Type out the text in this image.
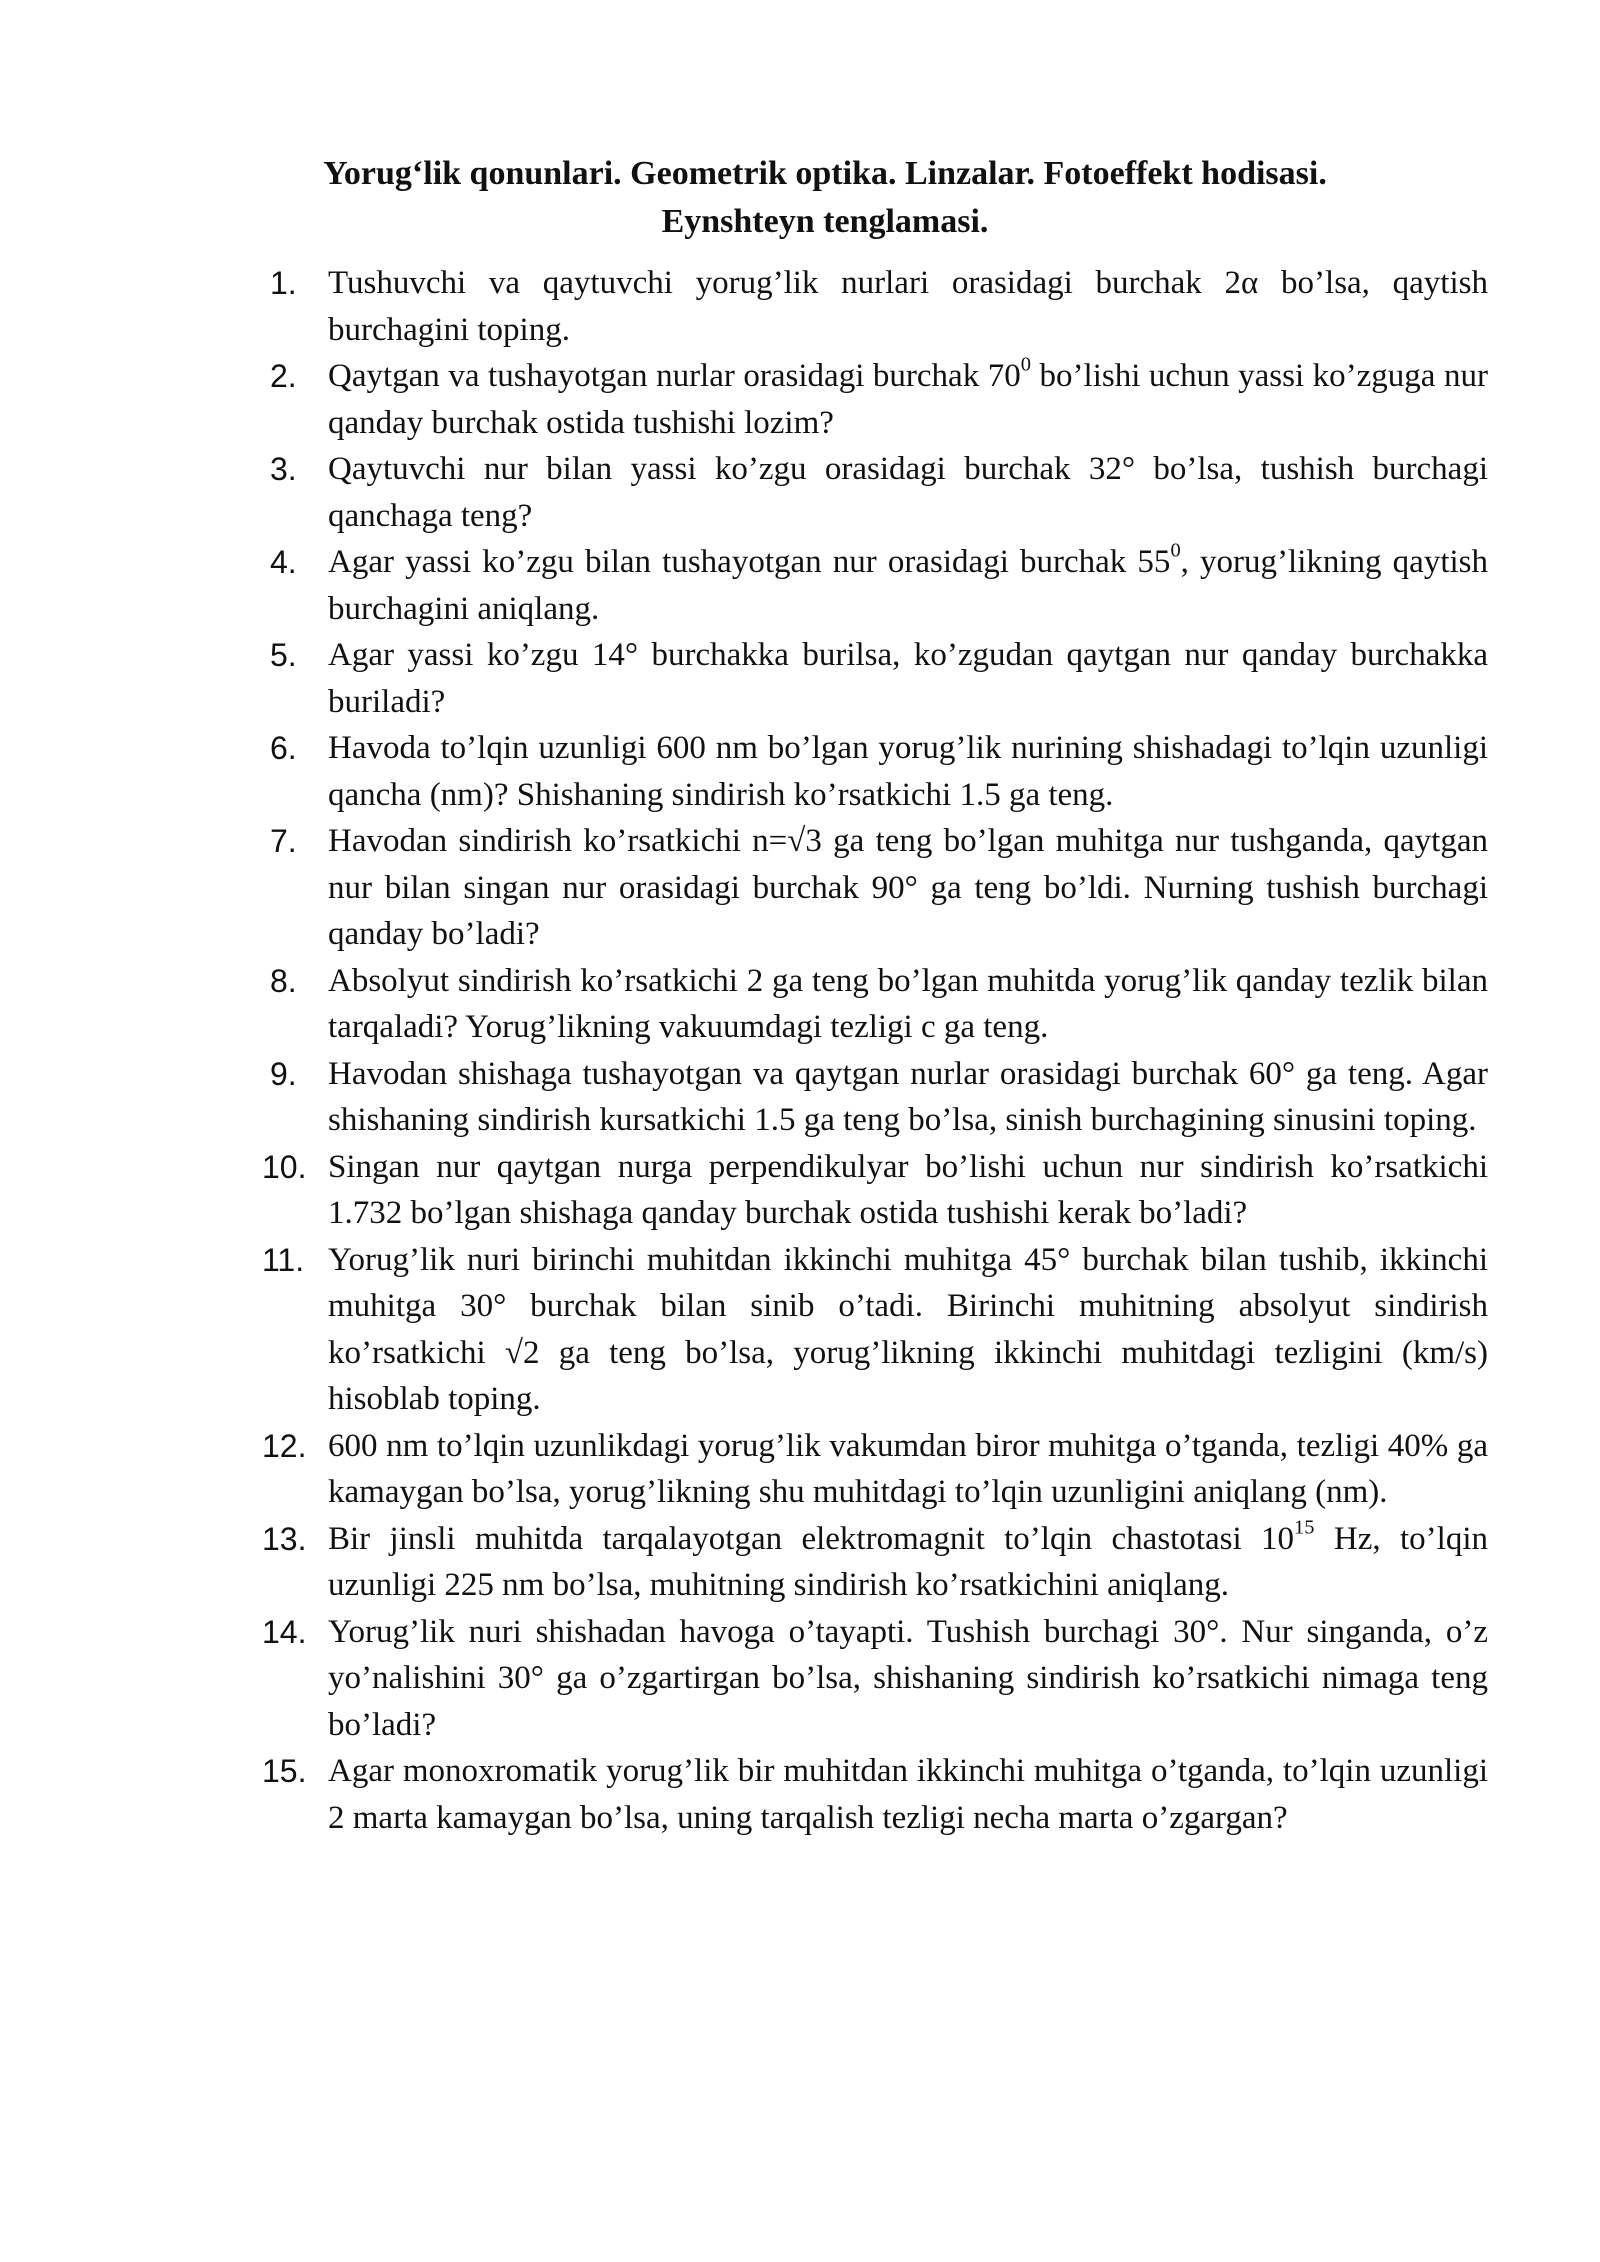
Yorug‘lik qonunlari. Geometrik optika. Linzalar. Fotoeffekt hodisasi.
Eynshteyn tenglamasi.
1. Tushuvchi va qaytuvchi yorug’lik nurlari orasidagi burchak 2α bo’lsa, qaytish burchagini toping.
2. Qaytgan va tushayotgan nurlar orasidagi burchak $70^0$ bo’lishi uchun yassi ko’zguga nur qanday burchak ostida tushishi lozim?
3. Qaytuvchi nur bilan yassi ko’zgu orasidagi burchak 32° bo’lsa, tushish burchagi qanchaga teng?
4. Agar yassi ko’zgu bilan tushayotgan nur orasidagi burchak $55^0$, yorug’likning qaytish burchagini aniqlang.
5. Agar yassi ko’zgu 14° burchakka burilsa, ko’zgudan qaytgan nur qanday burchakka buriladi?
6. Havoda to’lqin uzunligi 600 nm bo’lgan yorug’lik nurining shishadagi to’lqin uzunligi qancha (nm)? Shishaning sindirish ko’rsatkichi 1.5 ga teng.
7. Havodan sindirish ko’rsatkichi n=√3 ga teng bo’lgan muhitga nur tushganda, qaytgan nur bilan singan nur orasidagi burchak 90° ga teng bo’ldi. Nurning tushish burchagi qanday bo’ladi?
8. Absolyut sindirish ko’rsatkichi 2 ga teng bo’lgan muhitda yorug’lik qanday tezlik bilan tarqaladi? Yorug’likning vakuumdagi tezligi c ga teng.
9. Havodan shishaga tushayotgan va qaytgan nurlar orasidagi burchak 60° ga teng. Agar shishaning sindirish kursatkichi 1.5 ga teng bo’lsa, sinish burchagining sinusini toping.
10. Singan nur qaytgan nurga perpendikulyar bo’lishi uchun nur sindirish ko’rsatkichi 1.732 bo’lgan shishaga qanday burchak ostida tushishi kerak bo’ladi?
11. Yorug’lik nuri birinchi muhitdan ikkinchi muhitga 45° burchak bilan tushib, ikkinchi muhitga 30° burchak bilan sinib o’tadi. Birinchi muhitning absolyut sindirish ko’rsatkichi √2 ga teng bo’lsa, yorug’likning ikkinchi muhitdagi tezligini (km/s) hisoblab toping.
12. 600 nm to’lqin uzunlikdagi yorug’lik vakumdan biror muhitga o’tganda, tezligi 40% ga kamaygan bo’lsa, yorug’likning shu muhitdagi to’lqin uzunligini aniqlang (nm).
13. Bir jinsli muhitda tarqalayotgan elektromagnit to’lqin chastotasi $10^{15}$ Hz, to’lqin uzunligi 225 nm bo’lsa, muhitning sindirish ko’rsatkichini aniqlang.
14. Yorug’lik nuri shishadan havoga o’tayapti. Tushish burchagi 30°. Nur singanda, o’z yo’nalishini 30° ga o’zgartirgan bo’lsa, shishaning sindirish ko’rsatkichi nimaga teng bo’ladi?
15. Agar monoxromatik yorug’lik bir muhitdan ikkinchi muhitga o’tganda, to’lqin uzunligi 2 marta kamaygan bo’lsa, uning tarqalish tezligi necha marta o’zgargan?
